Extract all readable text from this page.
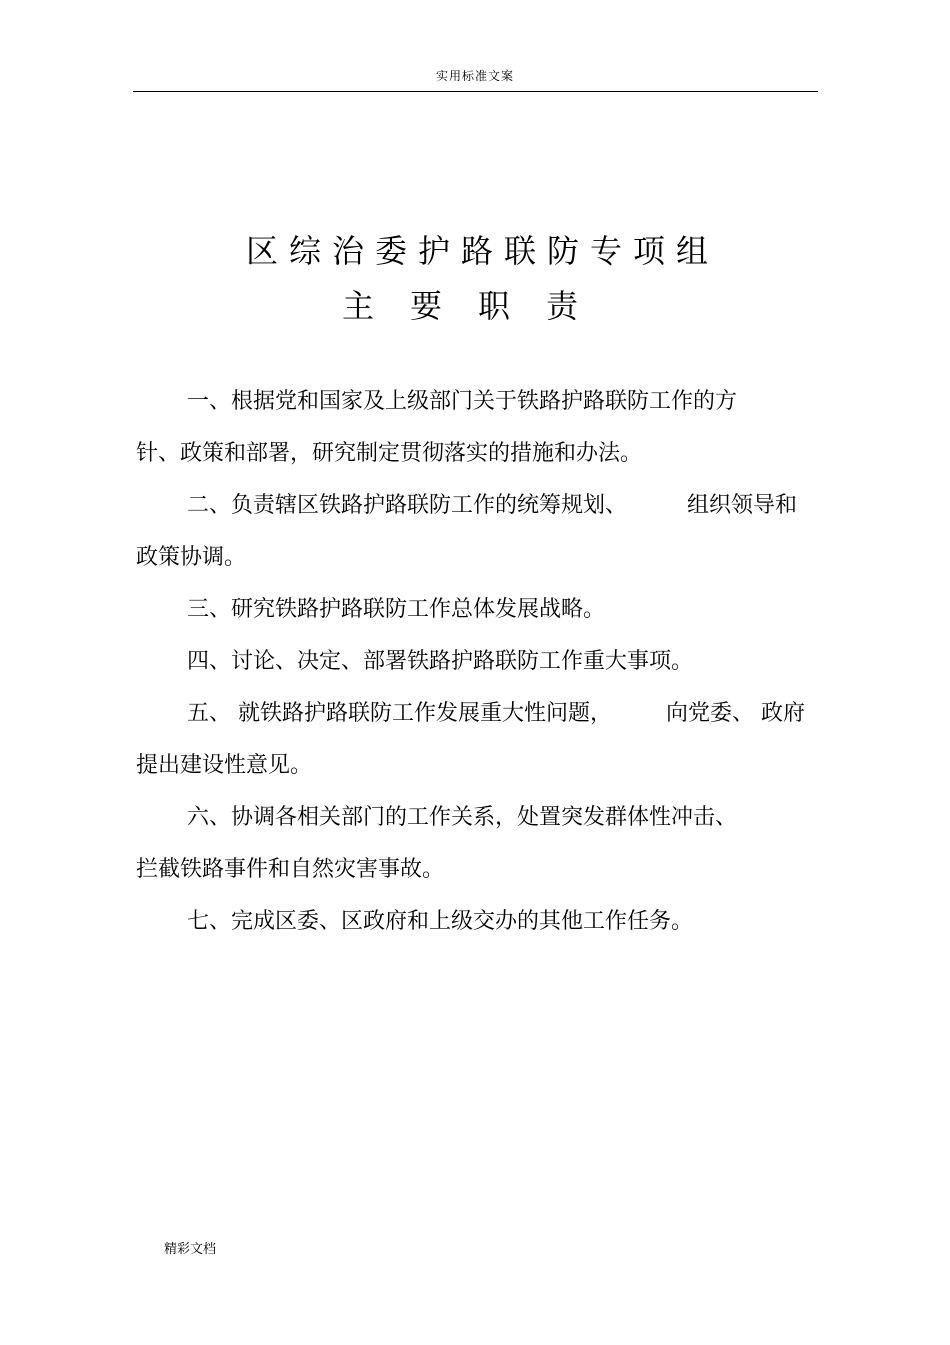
实用标准文案
区综治委护路联防专项组
主要职责
一、根据党和国家及上级部门关于铁路护路联防工作的方
针、政策和部署，研究制定贯彻落实的措施和办法。
二、负责辖区铁路护路联防工作的统筹规划、	组织领导和
政策协调。
三、研究铁路护路联防工作总体发展战略。
四、讨论、决定、部署铁路护路联防工作重大事项。
五、 就铁路护路联防工作发展重大性问题， 向党委、 政府
提出建设性意见。
六、协调各相关部门的工作关系，处置突发群体性冲击、
拦截铁路事件和自然灾害事故。
七、完成区委、区政府和上级交办的其他工作任务。
精彩文档
